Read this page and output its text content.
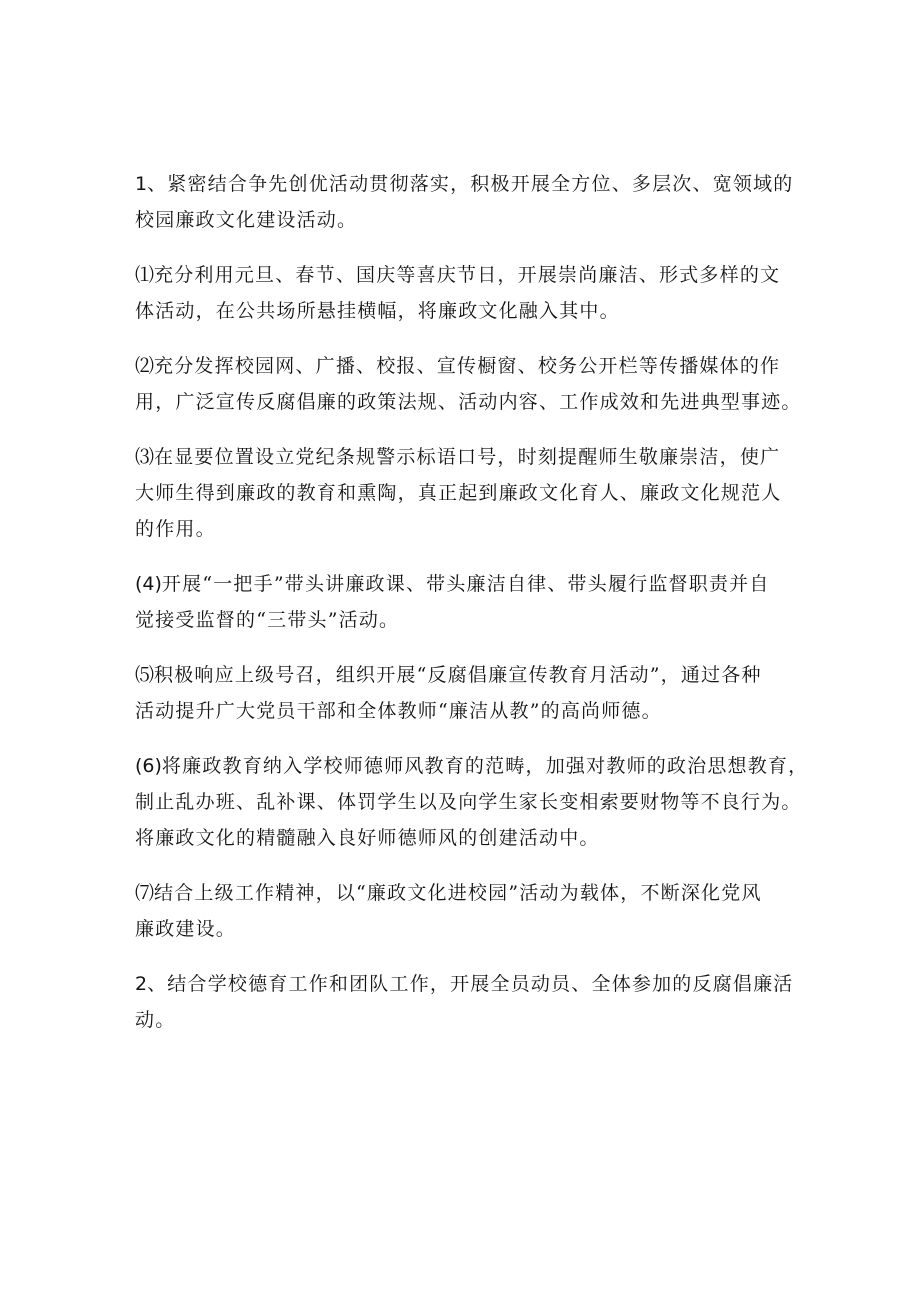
1、紧密结合争先创优活动贯彻落实，积极开展全方位、多层次、宽领域的
校园廉政文化建设活动。

⑴充分利用元旦、春节、国庆等喜庆节日，开展崇尚廉洁、形式多样的文
体活动，在公共场所悬挂横幅，将廉政文化融入其中。

⑵充分发挥校园网、广播、校报、宣传橱窗、校务公开栏等传播媒体的作
用，广泛宣传反腐倡廉的政策法规、活动内容、工作成效和先进典型事迹。

⑶在显要位置设立党纪条规警示标语口号，时刻提醒师生敬廉崇洁，使广
大师生得到廉政的教育和熏陶，真正起到廉政文化育人、廉政文化规范人
的作用。

(4)开展“一把手”带头讲廉政课、带头廉洁自律、带头履行监督职责并自
觉接受监督的“三带头”活动。

⑸积极响应上级号召，组织开展“反腐倡廉宣传教育月活动”，通过各种
活动提升广大党员干部和全体教师“廉洁从教”的高尚师德。

(6)将廉政教育纳入学校师德师风教育的范畴，加强对教师的政治思想教育，
制止乱办班、乱补课、体罚学生以及向学生家长变相索要财物等不良行为。
将廉政文化的精髓融入良好师德师风的创建活动中。

⑺结合上级工作精神，以“廉政文化进校园”活动为载体，不断深化党风
廉政建设。

2、结合学校德育工作和团队工作，开展全员动员、全体参加的反腐倡廉活
动。
